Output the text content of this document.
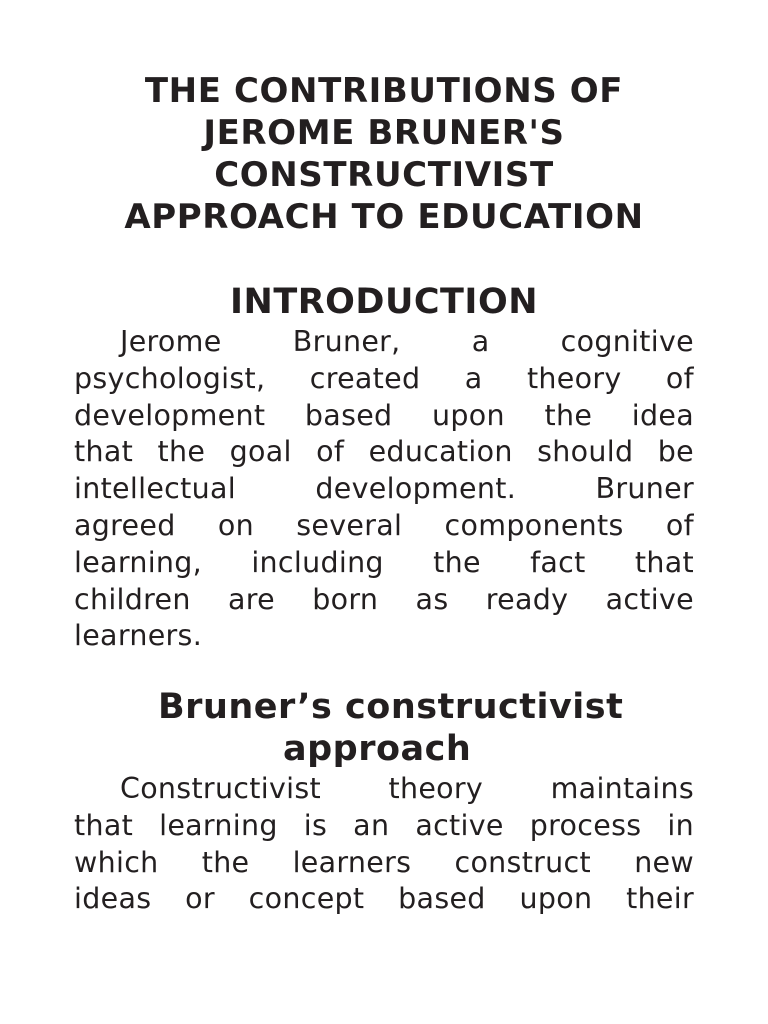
THE CONTRIBUTIONS OF
JEROME BRUNER'S
CONSTRUCTIVIST
APPROACH TO EDUCATION
INTRODUCTION

Jerome Bruner, a cognitive
psychologist, created a theory of
development based upon the idea
that the goal of education should be
intellectual development. Bruner
agreed on several components of
learning, including the fact that
children are born as ready active
learners.

Bruner’s constructivist
approach

Constructivist theory maintains
that learning is an active process in
which the learners construct new
ideas or concept based upon their
